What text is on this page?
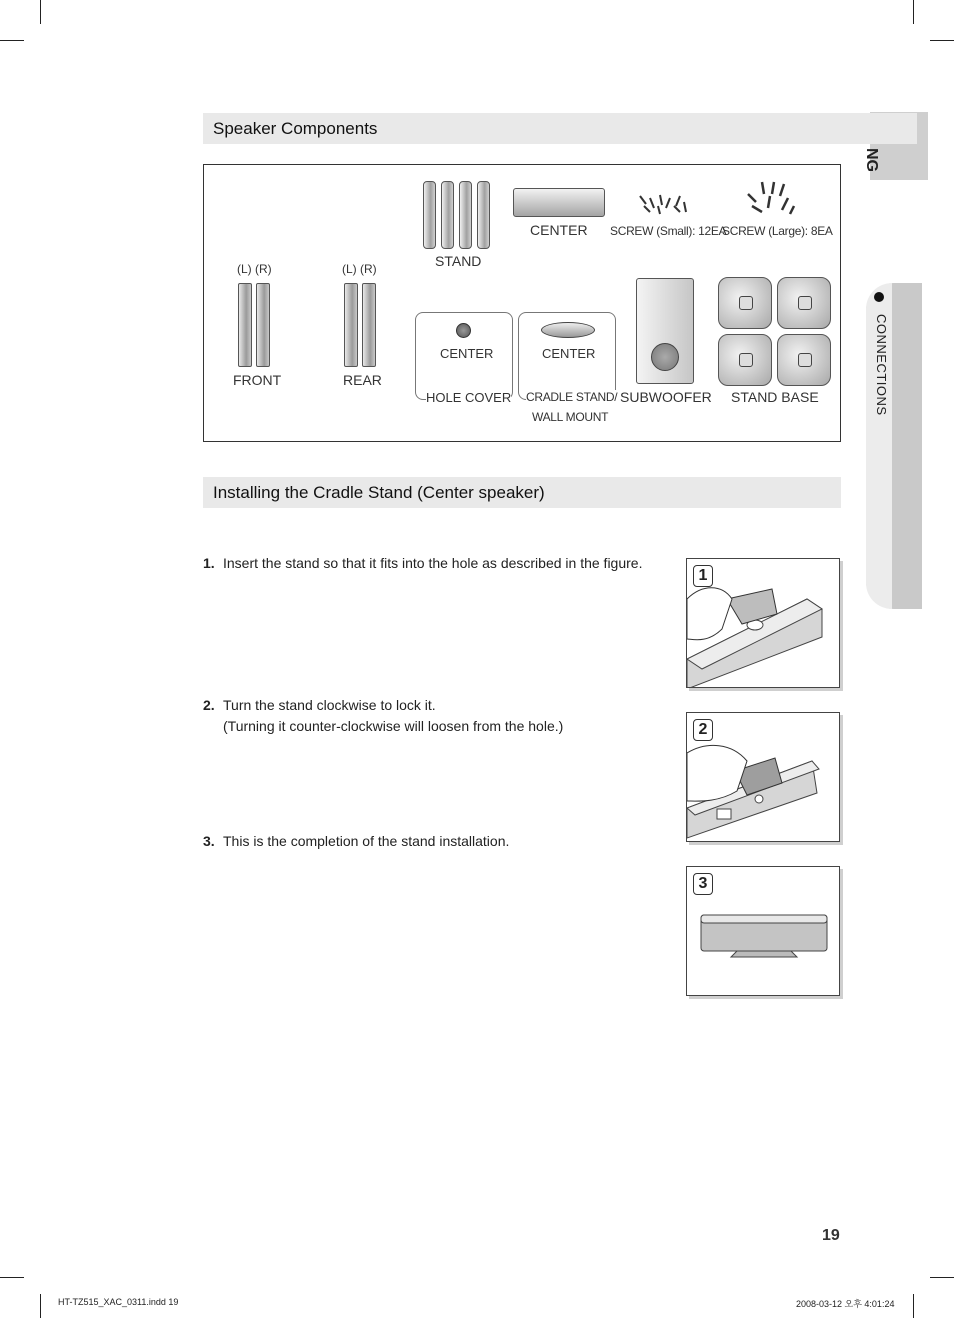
NG
CONNECTIONS
Speaker Components
(L) (R)
FRONT
(L) (R)
REAR
STAND
CENTER SCREW (Small): 12EA
SCREW (Large): 8EA
CENTER
HOLE COVER
CENTER
CRADLE STAND/
WALL MOUNT
SUBWOOFER STAND BASE
Installing the Cradle Stand (Center speaker)
1. Insert the stand so that it fits into the hole as described in the figure.
2. Turn the stand clockwise to lock it.
(Turning it counter-clockwise will loosen from the hole.)
3. This is the completion of the stand installation.
1
2
3
19
HT-TZ515_XAC_0311.indd 19	2008-03-12 오후 4:01:24
